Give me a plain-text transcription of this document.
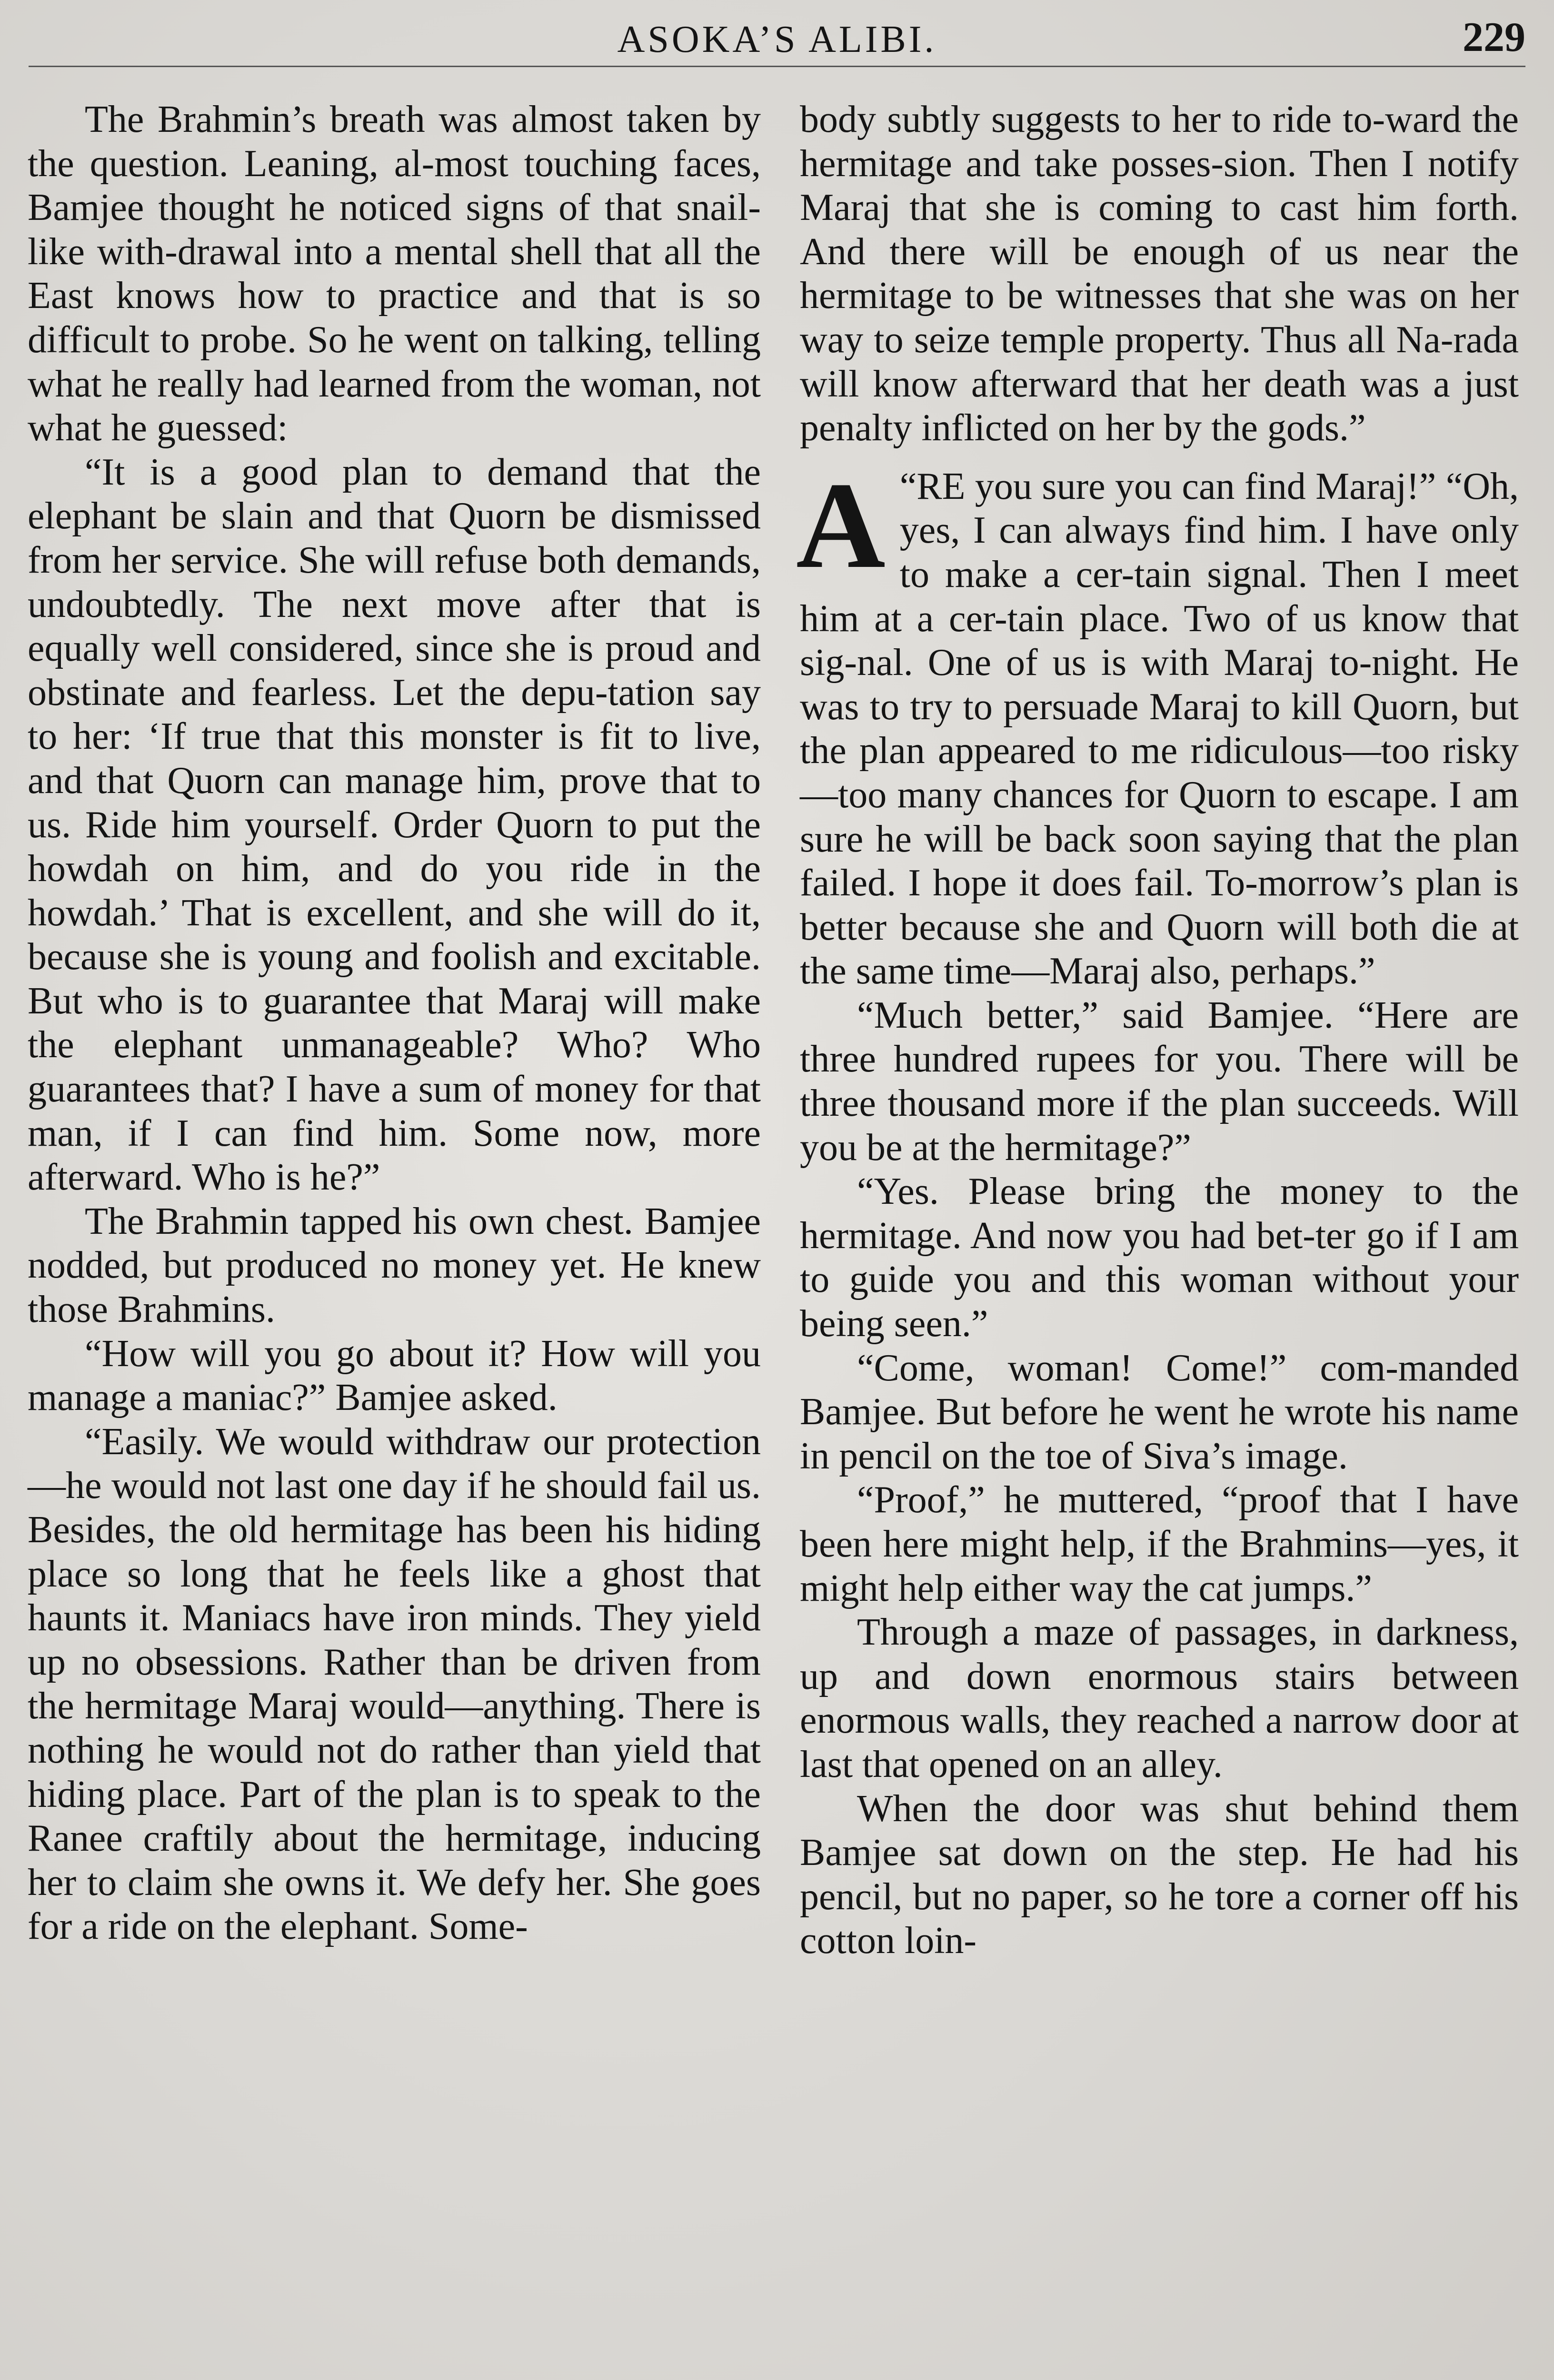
ASOKA’S ALIBI.	229

The Brahmin’s breath was almost taken by the question. Leaning, al-most touching faces, Bamjee thought he noticed signs of that snail-like with-drawal into a mental shell that all the East knows how to practice and that is so difficult to probe. So he went on talking, telling what he really had learned from the woman, not what he guessed:

“It is a good plan to demand that the elephant be slain and that Quorn be dismissed from her service. She will refuse both demands, undoubtedly. The next move after that is equally well considered, since she is proud and obstinate and fearless. Let the depu-tation say to her: ‘If true that this monster is fit to live, and that Quorn can manage him, prove that to us. Ride him yourself. Order Quorn to put the howdah on him, and do you ride in the howdah.’ That is excellent, and she will do it, because she is young and foolish and excitable. But who is to guarantee that Maraj will make the elephant unmanageable? Who? Who guarantees that? I have a sum of money for that man, if I can find him. Some now, more afterward. Who is he?”

The Brahmin tapped his own chest. Bamjee nodded, but produced no money yet. He knew those Brahmins.

“How will you go about it? How will you manage a maniac?” Bamjee asked.

“Easily. We would withdraw our protection—he would not last one day if he should fail us. Besides, the old hermitage has been his hiding place so long that he feels like a ghost that haunts it. Maniacs have iron minds. They yield up no obsessions. Rather than be driven from the hermitage Maraj would—anything. There is nothing he would not do rather than yield that hiding place. Part of the plan is to speak to the Ranee craftily about the hermitage, inducing her to claim she owns it. We defy her. She goes for a ride on the elephant. Some-

body subtly suggests to her to ride to-ward the hermitage and take posses-sion. Then I notify Maraj that she is coming to cast him forth. And there will be enough of us near the hermitage to be witnesses that she was on her way to seize temple property. Thus all Na-rada will know afterward that her death was a just penalty inflicted on her by the gods.”

“
A RE you sure you can find Maraj!” “Oh, yes, I can always find him. I have only to make a cer-tain signal. Then I meet him at a cer-tain place. Two of us know that sig-nal. One of us is with Maraj to-night. He was to try to persuade Maraj to kill Quorn, but the plan appeared to me ridiculous—too risky—too many chances for Quorn to escape. I am sure he will be back soon saying that the plan failed. I hope it does fail. To-morrow’s plan is better because she and Quorn will both die at the same time—Maraj also, perhaps.”

“Much better,” said Bamjee. “Here are three hundred rupees for you. There will be three thousand more if the plan succeeds. Will you be at the hermitage?”

“Yes. Please bring the money to the hermitage. And now you had bet-ter go if I am to guide you and this woman without your being seen.”

“Come, woman! Come!” com-manded Bamjee. But before he went he wrote his name in pencil on the toe of Siva’s image.

“Proof,” he muttered, “proof that I have been here might help, if the Brahmins—yes, it might help either way the cat jumps.”

Through a maze of passages, in darkness, up and down enormous stairs between enormous walls, they reached a narrow door at last that opened on an alley.

When the door was shut behind them Bamjee sat down on the step. He had his pencil, but no paper, so he tore a corner off his cotton loin-
